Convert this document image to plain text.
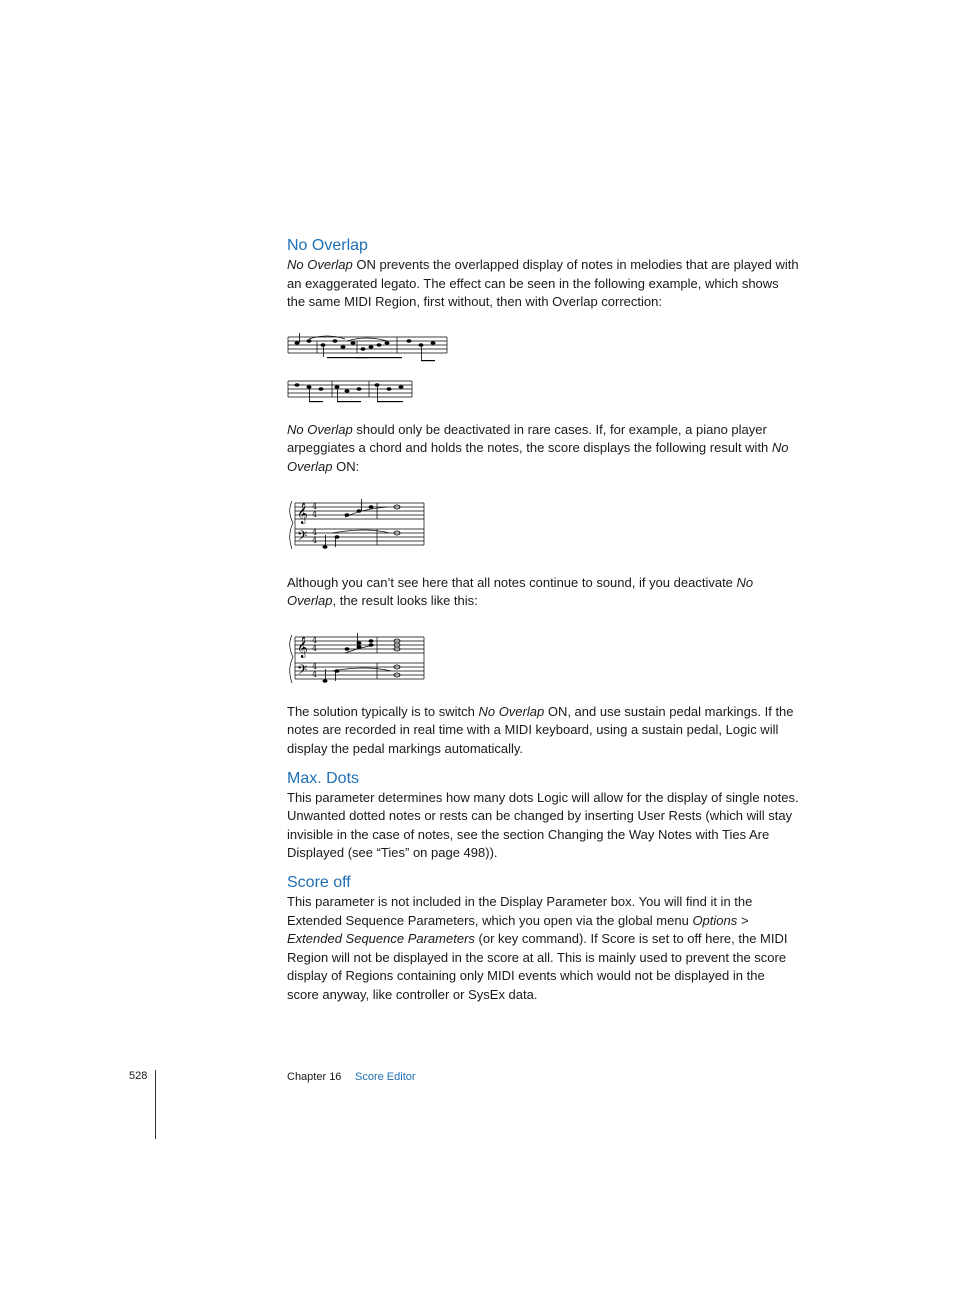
No Overlap

No Overlap ON prevents the overlapped display of notes in melodies that are played with an exaggerated legato. The effect can be seen in the following example, which shows the same MIDI Region, first without, then with Overlap correction:

No Overlap should only be deactivated in rare cases. If, for example, a piano player arpeggiates a chord and holds the notes, the score displays the following result with No Overlap ON:

𝄞
𝄢
4
4
4
4

Although you can’t see here that all notes continue to sound, if you deactivate No Overlap, the result looks like this:

𝄞
𝄢
4
4
4
4

The solution typically is to switch No Overlap ON, and use sustain pedal markings. If the notes are recorded in real time with a MIDI keyboard, using a sustain pedal, Logic will display the pedal markings automatically.

Max. Dots

This parameter determines how many dots Logic will allow for the display of single notes. Unwanted dotted notes or rests can be changed by inserting User Rests (which will stay invisible in the case of notes, see the section Changing the Way Notes with Ties Are Displayed (see “Ties” on page 498)).

Score off

This parameter is not included in the Display Parameter box. You will find it in the Extended Sequence Parameters, which you open via the global menu Options > Extended Sequence Parameters (or key command). If Score is set to off here, the MIDI Region will not be displayed in the score at all. This is mainly used to prevent the score display of Regions containing only MIDI events which would not be displayed in the score anyway, like controller or SysEx data.

528	Chapter 16 Score Editor
